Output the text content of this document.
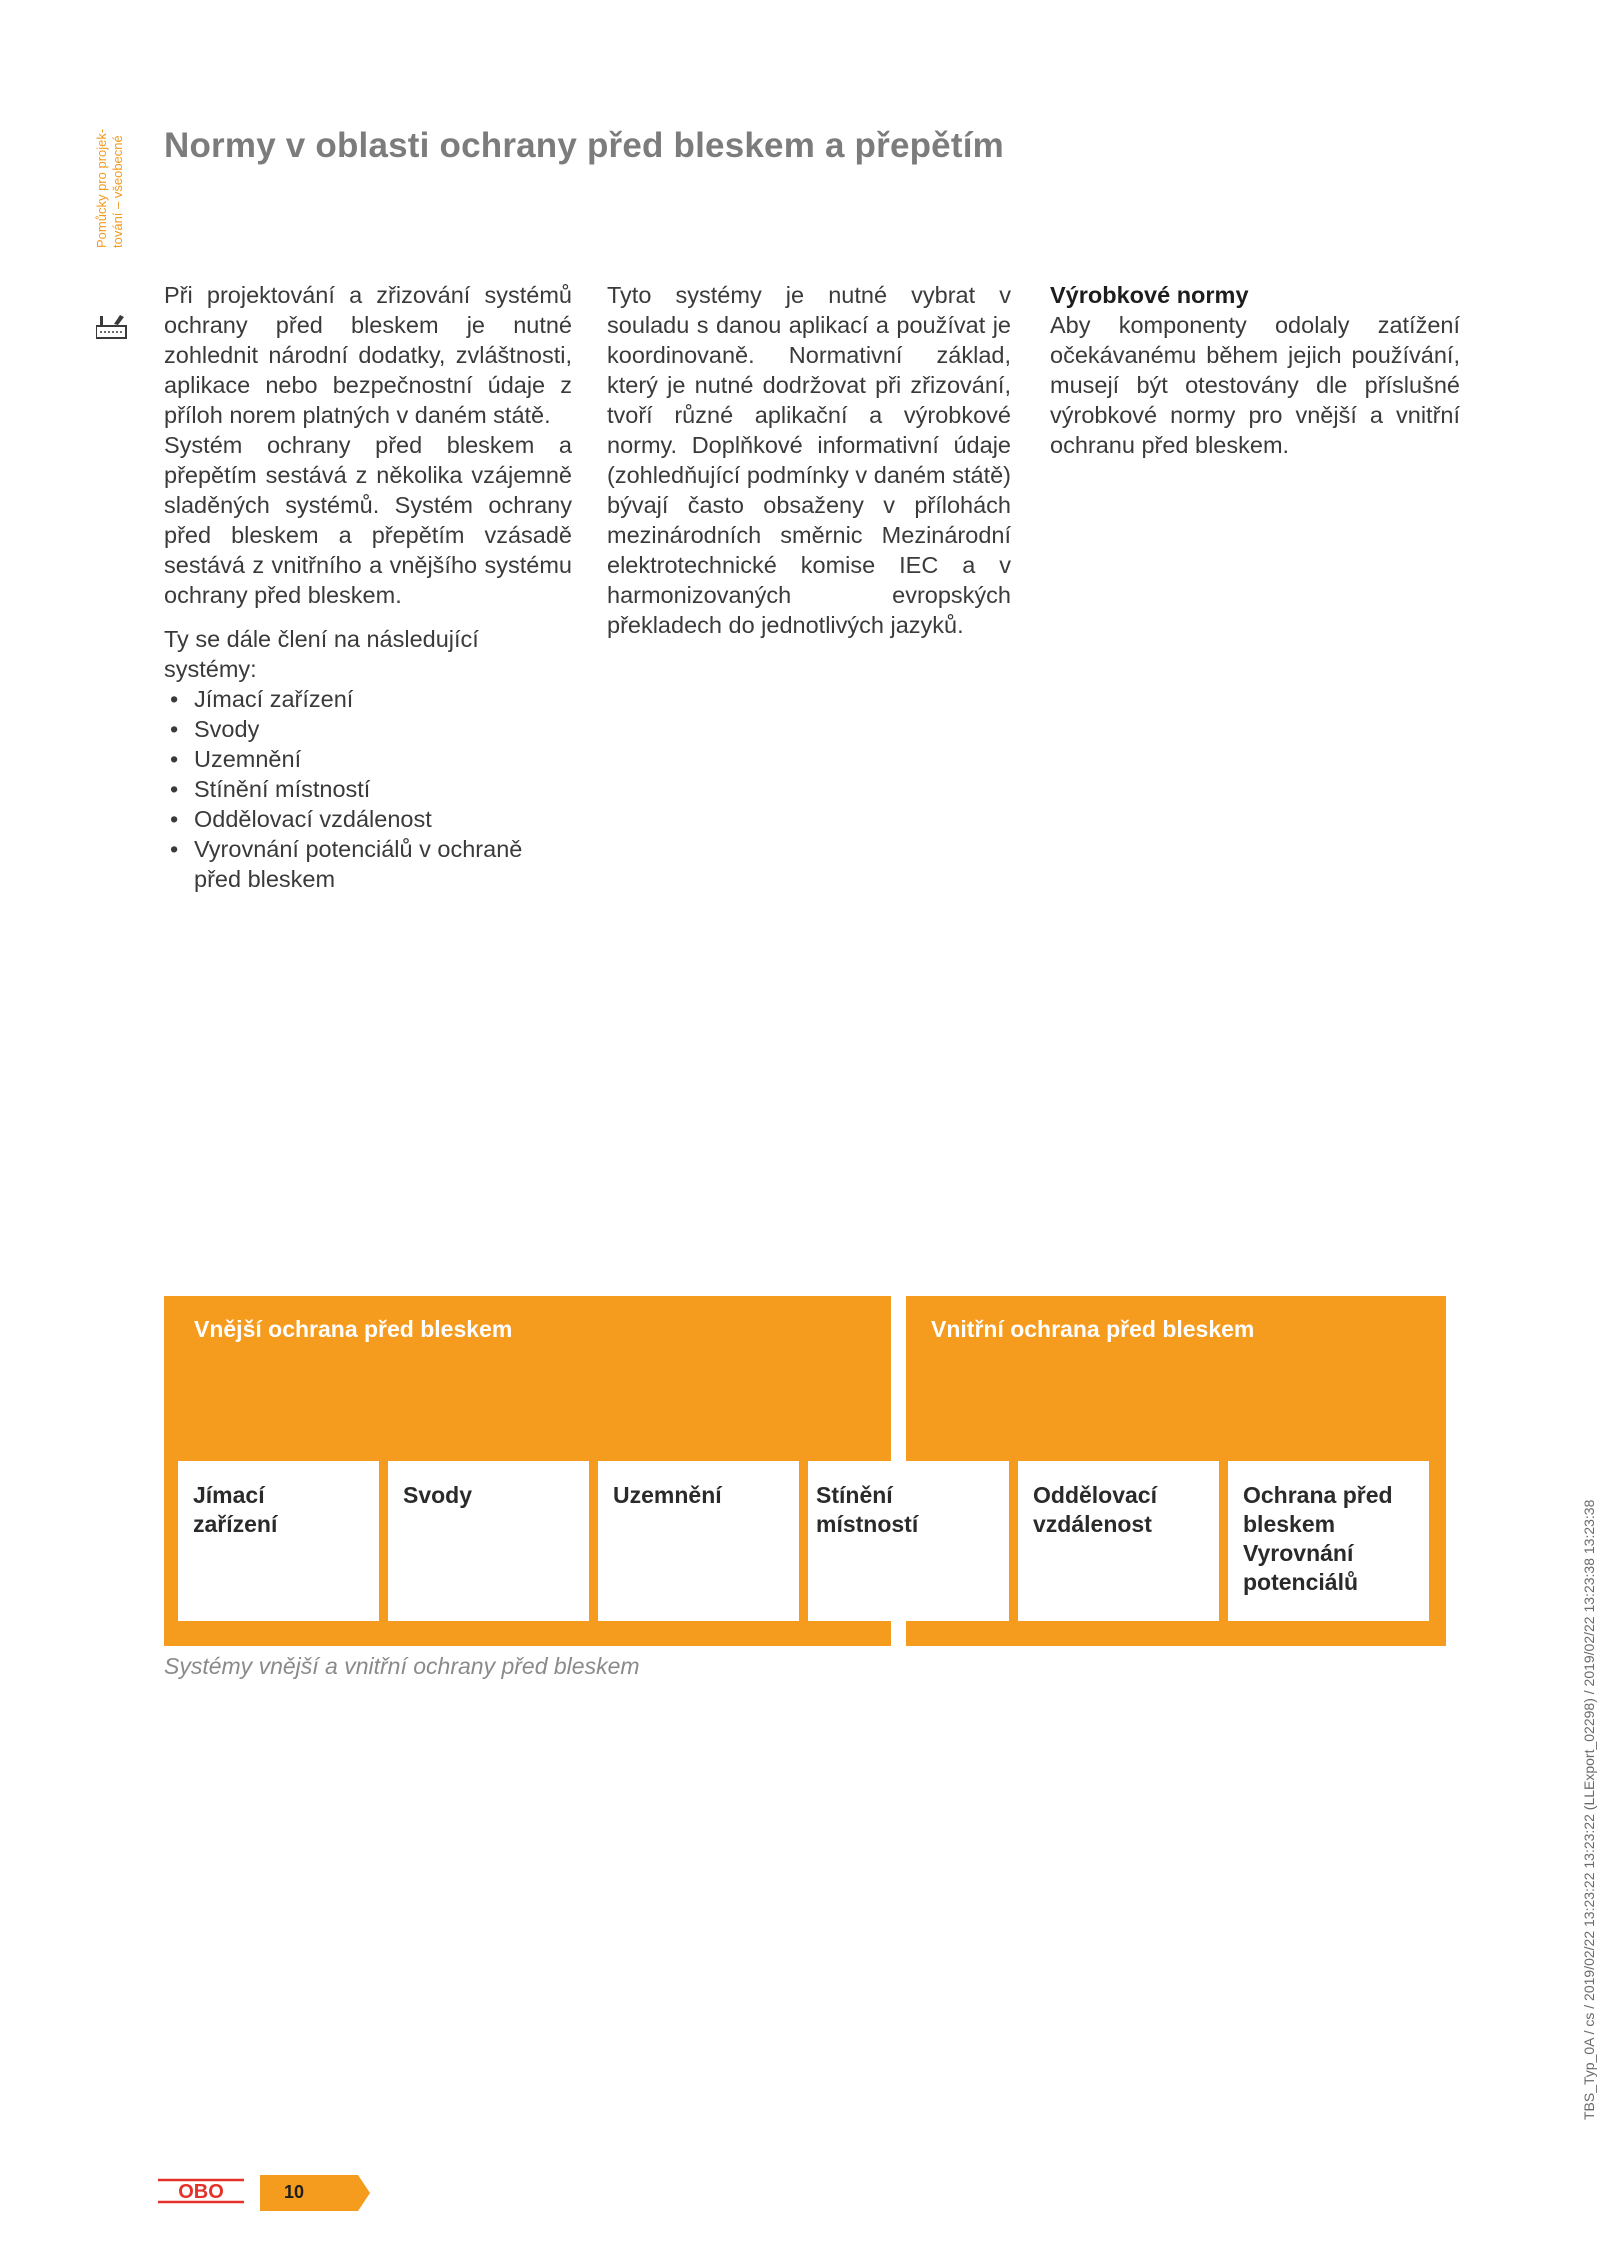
Pomůcky pro projek- tování – všeobecné Normy v oblasti ochrany před bleskem a přepětím

Při projektování a zřizování systémů ochrany před bleskem je nutné zohlednit národní dodatky, zvláštnosti, aplikace nebo bezpečnostní údaje z příloh norem platných v daném státě.

Systém ochrany před bleskem a přepětím sestává z několika vzájemně sladěných systémů. Systém ochrany před bleskem a přepětím vzásadě sestává z vnitřního a vnějšího systému ochrany před bleskem.

Ty se dále člení na následující systémy:

• Jímací zařízení
• Svody
• Uzemnění
• Stínění místností
• Oddělovací vzdálenost
• Vyrovnání potenciálů v ochraně před bleskem

Tyto systémy je nutné vybrat v souladu s danou aplikací a používat je koordinovaně. Normativní základ, který je nutné dodržovat při zřizování, tvoří různé aplikační a výrobkové normy. Doplňkové informativní údaje (zohledňující podmínky v daném státě) bývají často obsaženy v přílohách mezinárodních směrnic Mezinárodní elektrotechnické komise IEC a v harmonizovaných evropských překladech do jednotlivých jazyků.

Výrobkové normy

Aby komponenty odolaly zatížení očekávanému během jejich používání, musejí být otestovány dle příslušné výrobkové normy pro vnější a vnitřní ochranu před bleskem.

Vnější ochrana před bleskem	Vnitřní ochrana před bleskem
Jímací
zařízení
Svody	Uzemnění	Stínění místností
Oddělovací
vzdálenost
Ochrana před
bleskem
Vyrovnání
potenciálů
Systémy vnější a vnitřní ochrany před bleskem
OBO	10
TBS_Typ_0A / cs / 2019/02/22 13:23:22 13:23:22 (LLExport_02298) / 2019/02/22 13:23:38 13:23:38
